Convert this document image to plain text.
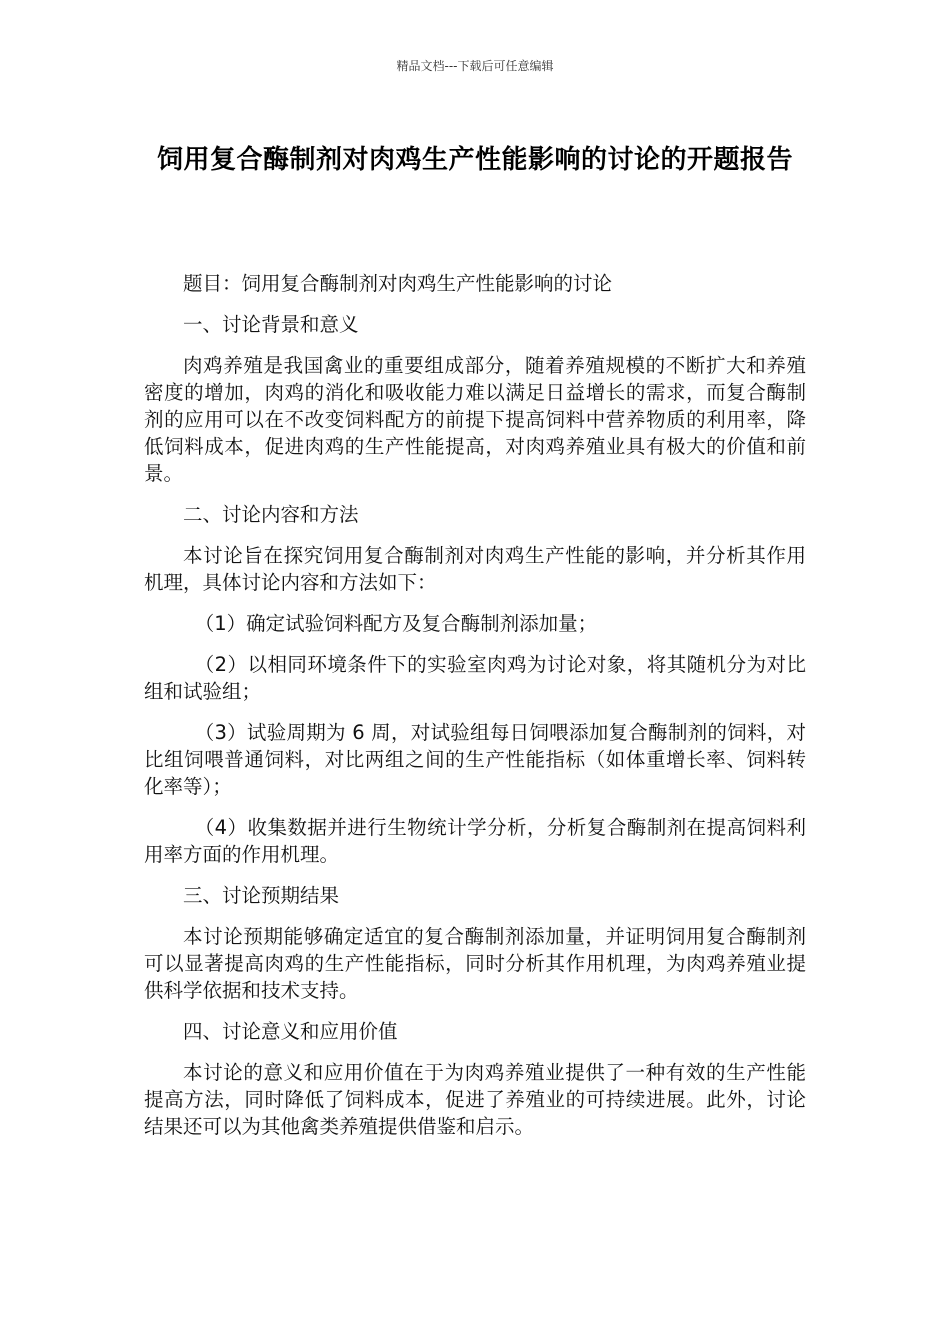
精品文档---下载后可任意编辑
饲用复合酶制剂对肉鸡生产性能影响的讨论的开题报告

题目：饲用复合酶制剂对肉鸡生产性能影响的讨论

一、讨论背景和意义

肉鸡养殖是我国禽业的重要组成部分，随着养殖规模的不断扩大和养殖密度的增加，肉鸡的消化和吸收能力难以满足日益增长的需求，而复合酶制剂的应用可以在不改变饲料配方的前提下提高饲料中营养物质的利用率，降低饲料成本，促进肉鸡的生产性能提高，对肉鸡养殖业具有极大的价值和前景。

二、讨论内容和方法

本讨论旨在探究饲用复合酶制剂对肉鸡生产性能的影响，并分析其作用机理，具体讨论内容和方法如下：

（1）确定试验饲料配方及复合酶制剂添加量；

（2）以相同环境条件下的实验室肉鸡为讨论对象，将其随机分为对比组和试验组；

（3）试验周期为 6 周，对试验组每日饲喂添加复合酶制剂的饲料，对比组饲喂普通饲料，对比两组之间的生产性能指标（如体重增长率、饲料转化率等）；

（4）收集数据并进行生物统计学分析，分析复合酶制剂在提高饲料利用率方面的作用机理。

三、讨论预期结果

本讨论预期能够确定适宜的复合酶制剂添加量，并证明饲用复合酶制剂可以显著提高肉鸡的生产性能指标，同时分析其作用机理，为肉鸡养殖业提供科学依据和技术支持。

四、讨论意义和应用价值

本讨论的意义和应用价值在于为肉鸡养殖业提供了一种有效的生产性能提高方法，同时降低了饲料成本，促进了养殖业的可持续进展。此外，讨论结果还可以为其他禽类养殖提供借鉴和启示。
